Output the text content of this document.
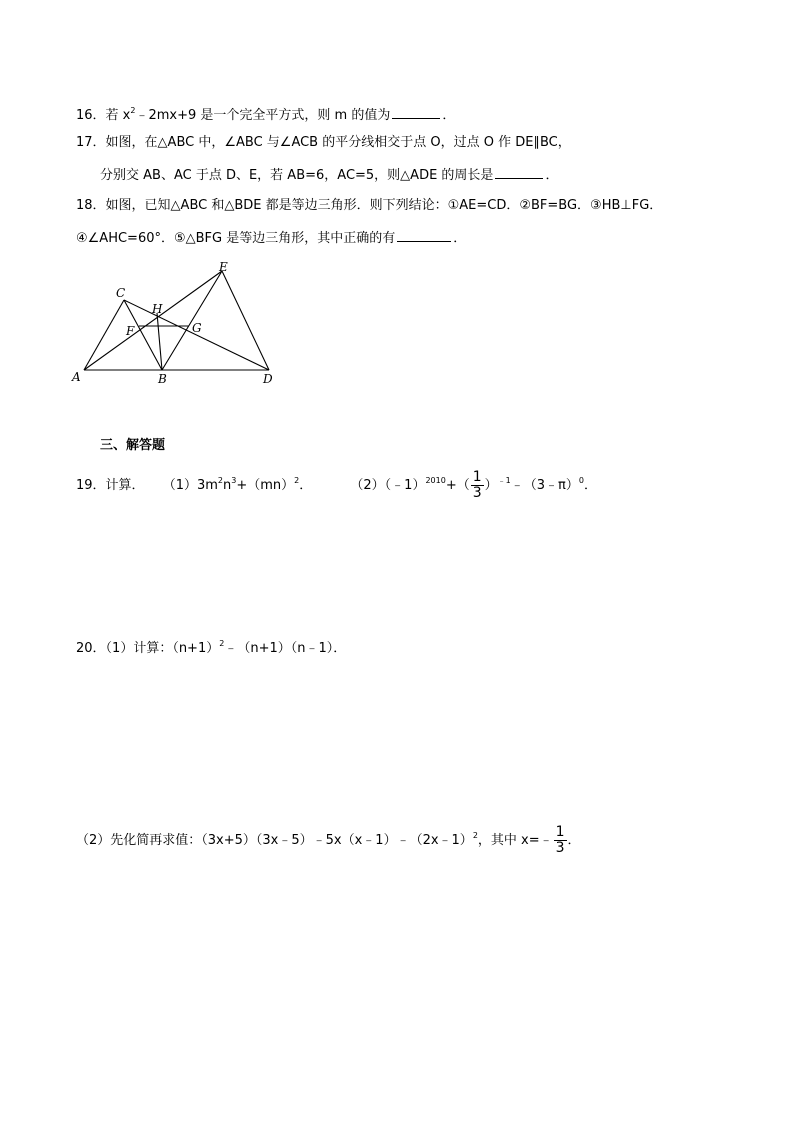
16．若 $x^2﹣2mx+9$ 是一个完全平方式，则 m 的值为	．
17．如图，在△ABC 中，∠ABC 与∠ACB 的平分线相交于点 O，过点 O 作 DE∥BC，
分别交 AB、AC 于点 D、E，若 AB=6，AC=5，则△ADE 的周长是	．
18．如图，已知△ABC 和△BDE 都是等边三角形．则下列结论：①AE=CD．②BF=BG．③HB⊥FG．
④∠AHC=60°．⑤△BFG 是等边三角形，其中正确的有	．
A	B
C
D
E
F	G
H
三、解答题
19．计算． $(1)3m^2n^3+(mn)^2$．	（2）（﹣1）$^{2010}$+（ $\frac{1}{3}$ ）$^{﹣1}$﹣（3﹣π）$^0$．
20．（1）计算：$(n+1)^2﹣(n+1)(n﹣1)$．
（2）先化简再求值：（3x+5）（3x﹣5）﹣5x（x﹣1）﹣（2x﹣1）$^2$，其中 x=﹣ $\frac{1}{3}$ ．
